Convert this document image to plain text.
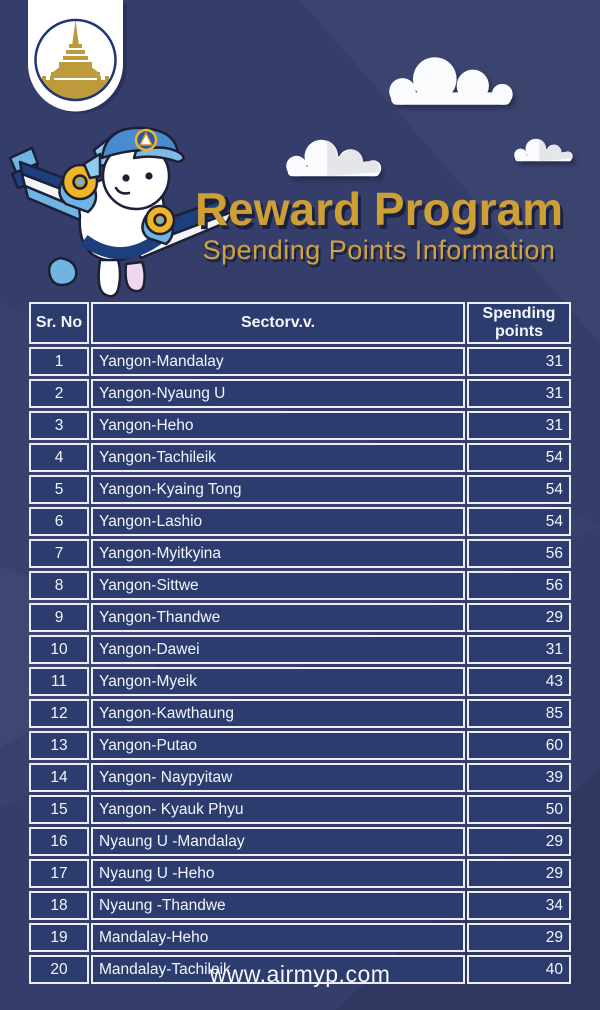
Reward Program
Spending Points Information
Sr. No	Sectorv.v.	Spending points
1	Yangon-Mandalay	31
2	Yangon-Nyaung U	31
3	Yangon-Heho	31
4	Yangon-Tachileik	54
5	Yangon-Kyaing Tong	54
6	Yangon-Lashio	54
7	Yangon-Myitkyina	56
8	Yangon-Sittwe	56
9	Yangon-Thandwe	29
10	Yangon-Dawei	31
11	Yangon-Myeik	43
12	Yangon-Kawthaung	85
13	Yangon-Putao	60
14	Yangon- Naypyitaw	39
15	Yangon- Kyauk Phyu	50
16	Nyaung U -Mandalay	29
17	Nyaung U -Heho	29
18	Nyaung -Thandwe	34
19	Mandalay-Heho	29
20	Mandalay-Tachileik	40
www.airmyp.com
